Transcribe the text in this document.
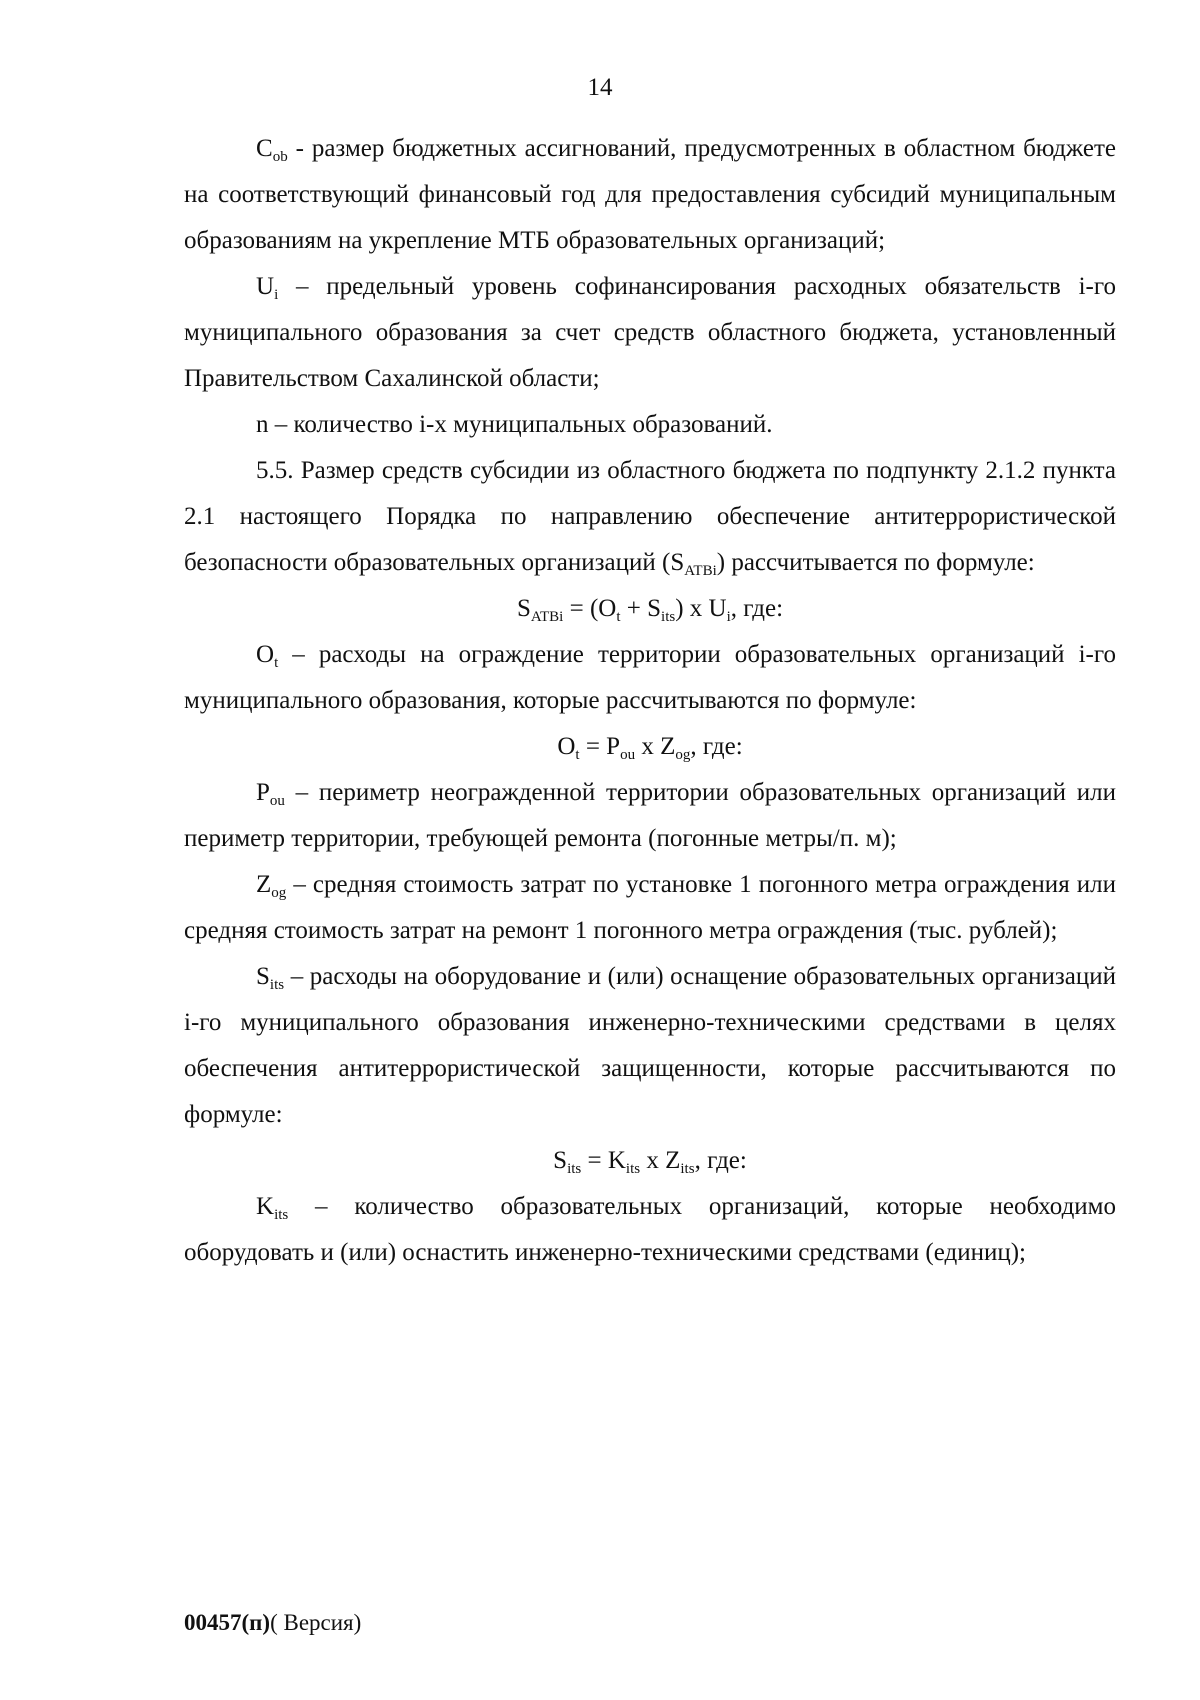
14

$C_{ob}$ - размер бюджетных ассигнований, предусмотренных в областном бюджете на соответствующий финансовый год для предоставления субсидий муниципальным образованиям на укрепление МТБ образовательных организаций;

$U_i$ – предельный уровень софинансирования расходных обязательств i-го муниципального образования за счет средств областного бюджета, установленный Правительством Сахалинской области;

n – количество i-х муниципальных образований.

5.5. Размер средств субсидии из областного бюджета по подпункту 2.1.2 пункта 2.1 настоящего Порядка по направлению обеспечение антитеррористической безопасности образовательных организаций $(S_{ATBi})$ рассчитывается по формуле:

$S_{ATBi} = (O_t + S_{its})$ x $U_i$, где:

$O_t$ – расходы на ограждение территории образовательных организаций i-го муниципального образования, которые рассчитываются по формуле:

$O_t = P_{ou}$ x $Z_{og}$, где:

$P_{ou}$ – периметр неогражденной территории образовательных организаций или периметр территории, требующей ремонта (погонные метры/п. м);

$Z_{og}$ – средняя стоимость затрат по установке 1 погонного метра ограждения или средняя стоимость затрат на ремонт 1 погонного метра ограждения (тыс. рублей);

$S_{its}$ – расходы на оборудование и (или) оснащение образовательных организаций i-го муниципального образования инженерно-техническими средствами в целях обеспечения антитеррористической защищенности, которые рассчитываются по формуле:

$S_{its} = K_{its}$ x $Z_{its}$, где:

$K_{its}$ – количество образовательных организаций, которые необходимо оборудовать и (или) оснастить инженерно-техническими средствами (единиц);

00457(п)( Версия)
